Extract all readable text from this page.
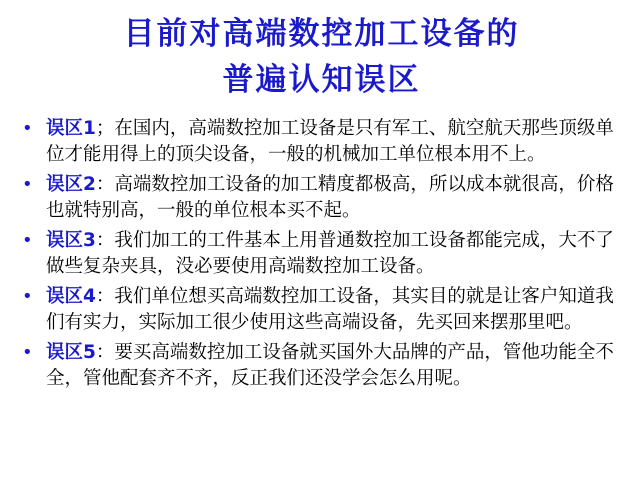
目前对高端数控加工设备的
普遍认知误区
• 误区1；在国内，高端数控加工设备是只有军工、航空航天那些顶级单位才能用得上的顶尖设备，一般的机械加工单位根本用不上。
• 误区2：高端数控加工设备的加工精度都极高，所以成本就很高，价格也就特别高，一般的单位根本买不起。
• 误区3：我们加工的工件基本上用普通数控加工设备都能完成，大不了做些复杂夹具，没必要使用高端数控加工设备。
• 误区4：我们单位想买高端数控加工设备，其实目的就是让客户知道我们有实力，实际加工很少使用这些高端设备，先买回来摆那里吧。
• 误区5：要买高端数控加工设备就买国外大品牌的产品，管他功能全不全，管他配套齐不齐，反正我们还没学会怎么用呢。
